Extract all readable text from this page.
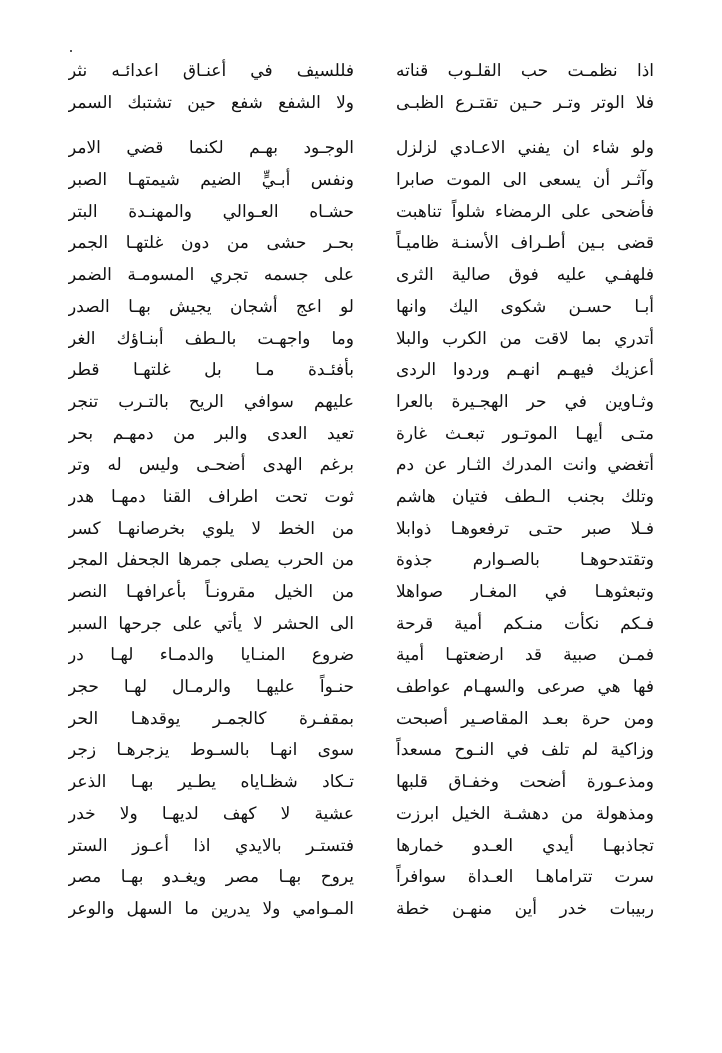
اذا نظمـت حب القلـوب قناته
فللسيف في أعنـاق اعدائـه نثر
فلا الوتر وتـر حـين تقتـرع الظبـى
ولا الشفع شفع حين تشتبك السمر
ولو شاء ان يفني الاعـادي لزلزل
الوجـود بهـم لكنما قضي الامر
وآثـر أن يسعى الى الموت صابرا
ونفس أبـيٍّ الضيم شيمتهـا الصبر
فأضحى على الرمضاء شلواً تناهبت
حشـاه العـوالي والمهنـدة البتر
قضى بـين أطـراف الأسنـة ظاميـاً
بحـر حشى من دون غلتهـا الجمر
فلهفـي عليه فوق صالية الثرى
على جسمه تجري المسومـة الضمر
أبـا حسـن شكوى اليك وانها
لو اعج أشجان يجيش بهـا الصدر
أتدري بما لاقت من الكرب والبلا
وما واجهـت بالـطف أبنـاؤك الغر
أعزيك فيهـم انهـم وردوا الردى
بأفئـدة مـا بل غلتهـا قطر
وثـاوين في حر الهجـيرة بالعرا
عليهم سوافي الريح بالتـرب تنجر
متـى أيهـا الموتـور تبعـث غارة
تعيد العدى والبر من دمهـم بحر
أتغضي وانت المدرك الثـار عن دم
برغم الهدى أضحـى وليس له وتر
وتلك بجنب الـطف فتيان هاشم
ثوت تحت اطراف القنا دمهـا هدر
فـلا صبر حتـى ترفعوهـا ذوابلا
من الخط لا يلوي بخرصانهـا كسر
وتقتدحوهـا بالصـوارم جذوة
من الحرب يصلى جمرها الجحفل المجر
وتبعثوهـا في المغـار صواهلا
من الخيل مقرونـاً بأعرافهـا النصر
فـكم نكأت منـكم أمية قرحة
الى الحشر لا يأتي على جرحها السبر
فمـن صبية قد ارضعتهـا أمية
ضروع المنـايا والدمـاء لهـا در
فها هي صرعى والسهـام عواطف
حنـواً عليهـا والرمـال لهـا حجر
ومن حرة بعـد المقاصـير أصبحت
بمقفـرة كالجمـر يوقدهـا الحر
وزاكية لم تلف في النـوح مسعداً
سوى انهـا بالسـوط يزجرهـا زجر
ومذعـورة أضحت وخفـاق قلبها
تـكاد شظـاياه يطـير بهـا الذعر
ومذهولة من دهشـة الخيل ابرزت
عشية لا كهف لديهـا ولا خدر
تجاذبهـا أيدي العـدو خمارها
فتستـر بالايدي اذا أعـوز الستر
سرت تتراماهـا العـداة سوافراً
يروح بهـا مصر ويغـدو بهـا مصر
ربيبات خدر أين منهـن خطة
المـوامي ولا يدرين ما السهل والوعر
